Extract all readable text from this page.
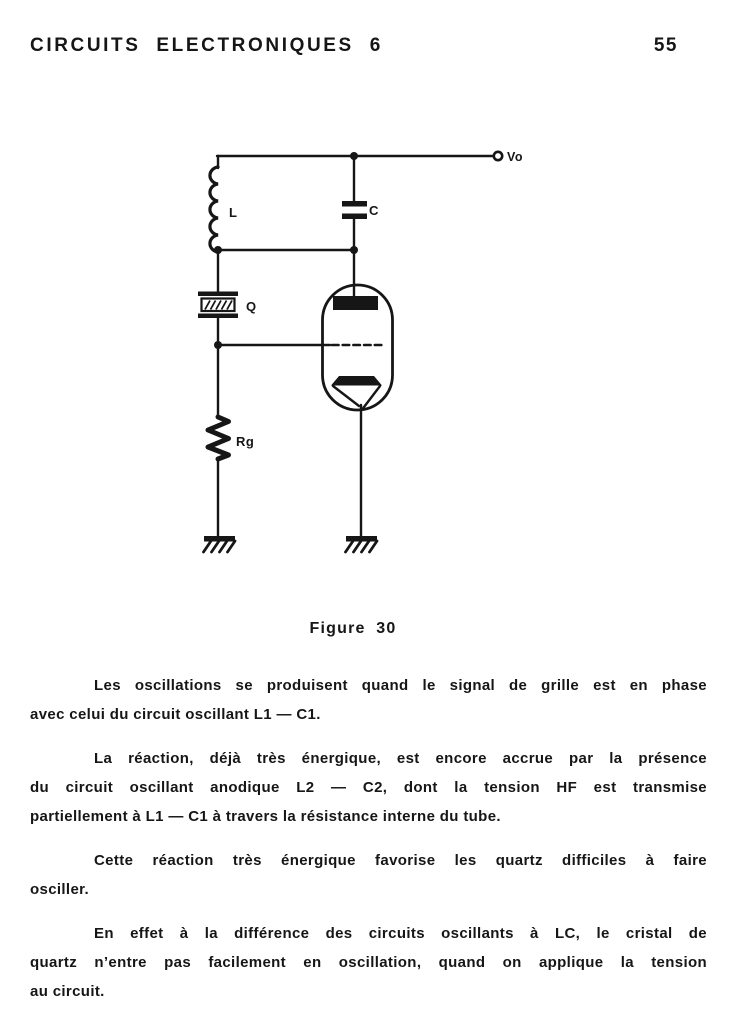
CIRCUITS ELECTRONIQUES 6	55
Vo
L	C
Q
Rg
Figure 30
Les oscillations se produisent quand le signal de grille est en phase
avec celui du circuit oscillant L1 — C1.
La réaction, déjà très énergique, est encore accrue par la présence
du circuit oscillant anodique L2 — C2, dont la tension HF est transmise
partiellement à L1 — C1 à travers la résistance interne du tube.
Cette réaction très énergique favorise les quartz difficiles à faire
osciller.
En effet à la différence des circuits oscillants à LC, le cristal de
quartz n’entre pas facilement en oscillation, quand on applique la tension
au circuit.
